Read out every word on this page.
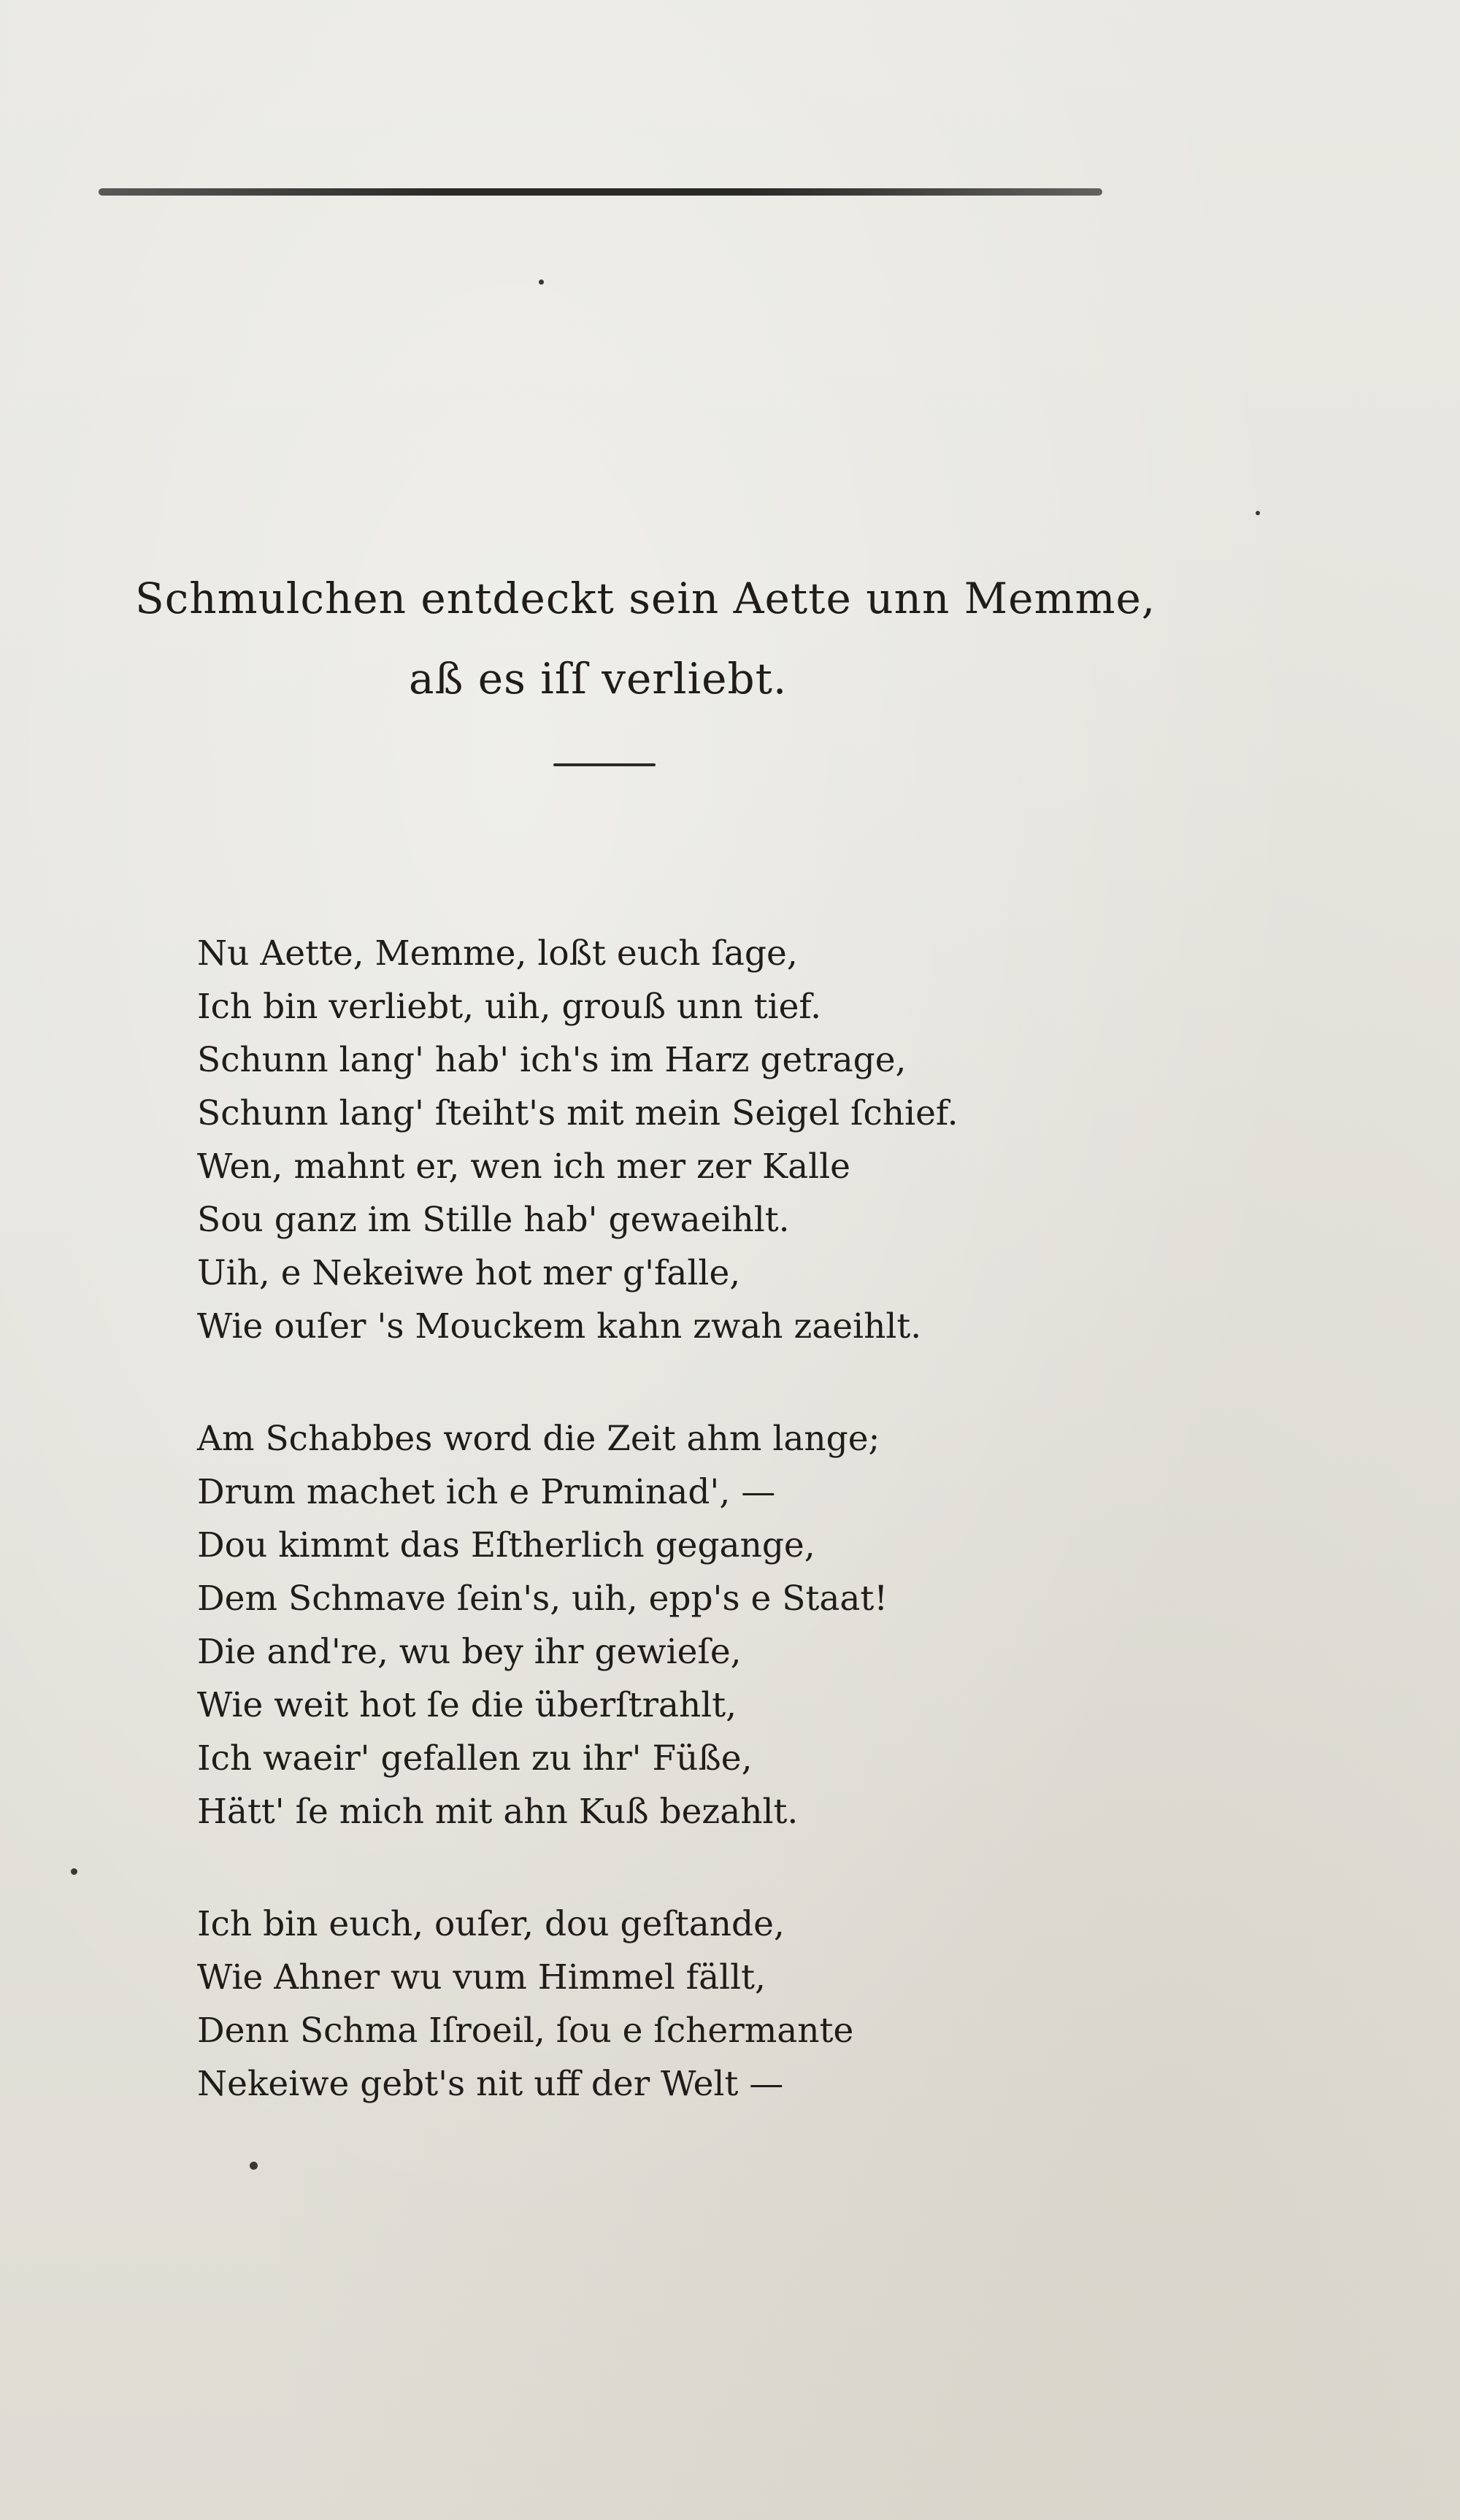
Schmulchen entdeckt sein Aette unn Memme,
aß es iſſ verliebt.
Nu Aette, Memme, loßt euch ſage,
Ich bin verliebt, uih, grouß unn tief.
Schunn lang' hab' ich's im Harz getrage,
Schunn lang' ſteiht's mit mein Seigel ſchief.
Wen, mahnt er, wen ich mer zer Kalle
Sou ganz im Stille hab' gewaeihlt.
Uih, e Nekeiwe hot mer g'falle,
Wie ouſer 's Mouckem kahn zwah zaeihlt.
Am Schabbes word die Zeit ahm lange;
Drum machet ich e Pruminad', —
Dou kimmt das Eſtherlich gegange,
Dem Schmave ſein's, uih, epp's e Staat!
Die and're, wu bey ihr gewieſe,
Wie weit hot ſe die überſtrahlt,
Ich waeir' gefallen zu ihr' Füße,
Hätt' ſe mich mit ahn Kuß bezahlt.
Ich bin euch, ouſer, dou geſtande,
Wie Ahner wu vum Himmel fällt,
Denn Schma Iſroeil, ſou e ſchermante
Nekeiwe gebt's nit uff der Welt —
